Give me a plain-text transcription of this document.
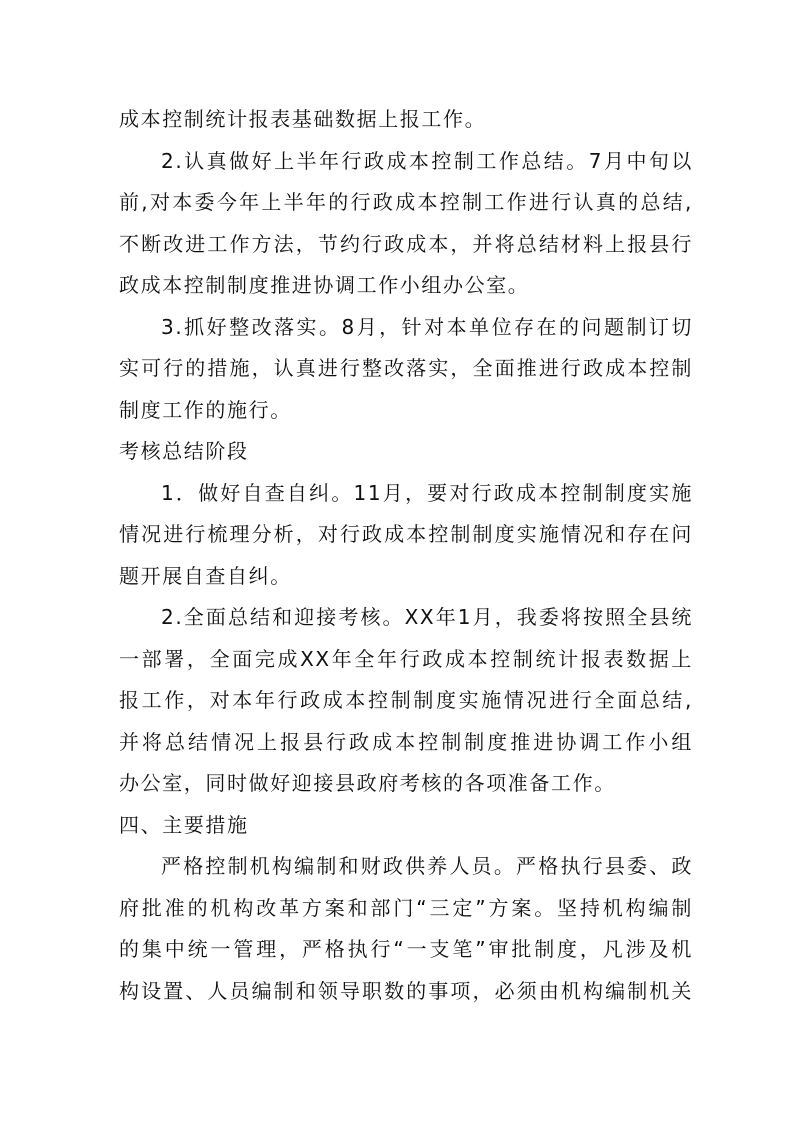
成本控制统计报表基础数据上报工作。
2.认真做好上半年行政成本控制工作总结。7月中旬以
前,对本委今年上半年的行政成本控制工作进行认真的总结,
不断改进工作方法，节约行政成本，并将总结材料上报县行
政成本控制制度推进协调工作小组办公室。
3.抓好整改落实。8月，针对本单位存在的问题制订切
实可行的措施，认真进行整改落实，全面推进行政成本控制
制度工作的施行。
考核总结阶段
1．做好自查自纠。11月，要对行政成本控制制度实施
情况进行梳理分析，对行政成本控制制度实施情况和存在问
题开展自查自纠。
2.全面总结和迎接考核。XX年1月，我委将按照全县统
一部署，全面完成XX年全年行政成本控制统计报表数据上
报工作，对本年行政成本控制制度实施情况进行全面总结,
并将总结情况上报县行政成本控制制度推进协调工作小组
办公室，同时做好迎接县政府考核的各项准备工作。
四、主要措施
严格控制机构编制和财政供养人员。严格执行县委、政
府批准的机构改革方案和部门“三定”方案。坚持机构编制
的集中统一管理，严格执行“一支笔”审批制度，凡涉及机
构设置、人员编制和领导职数的事项，必须由机构编制机关
